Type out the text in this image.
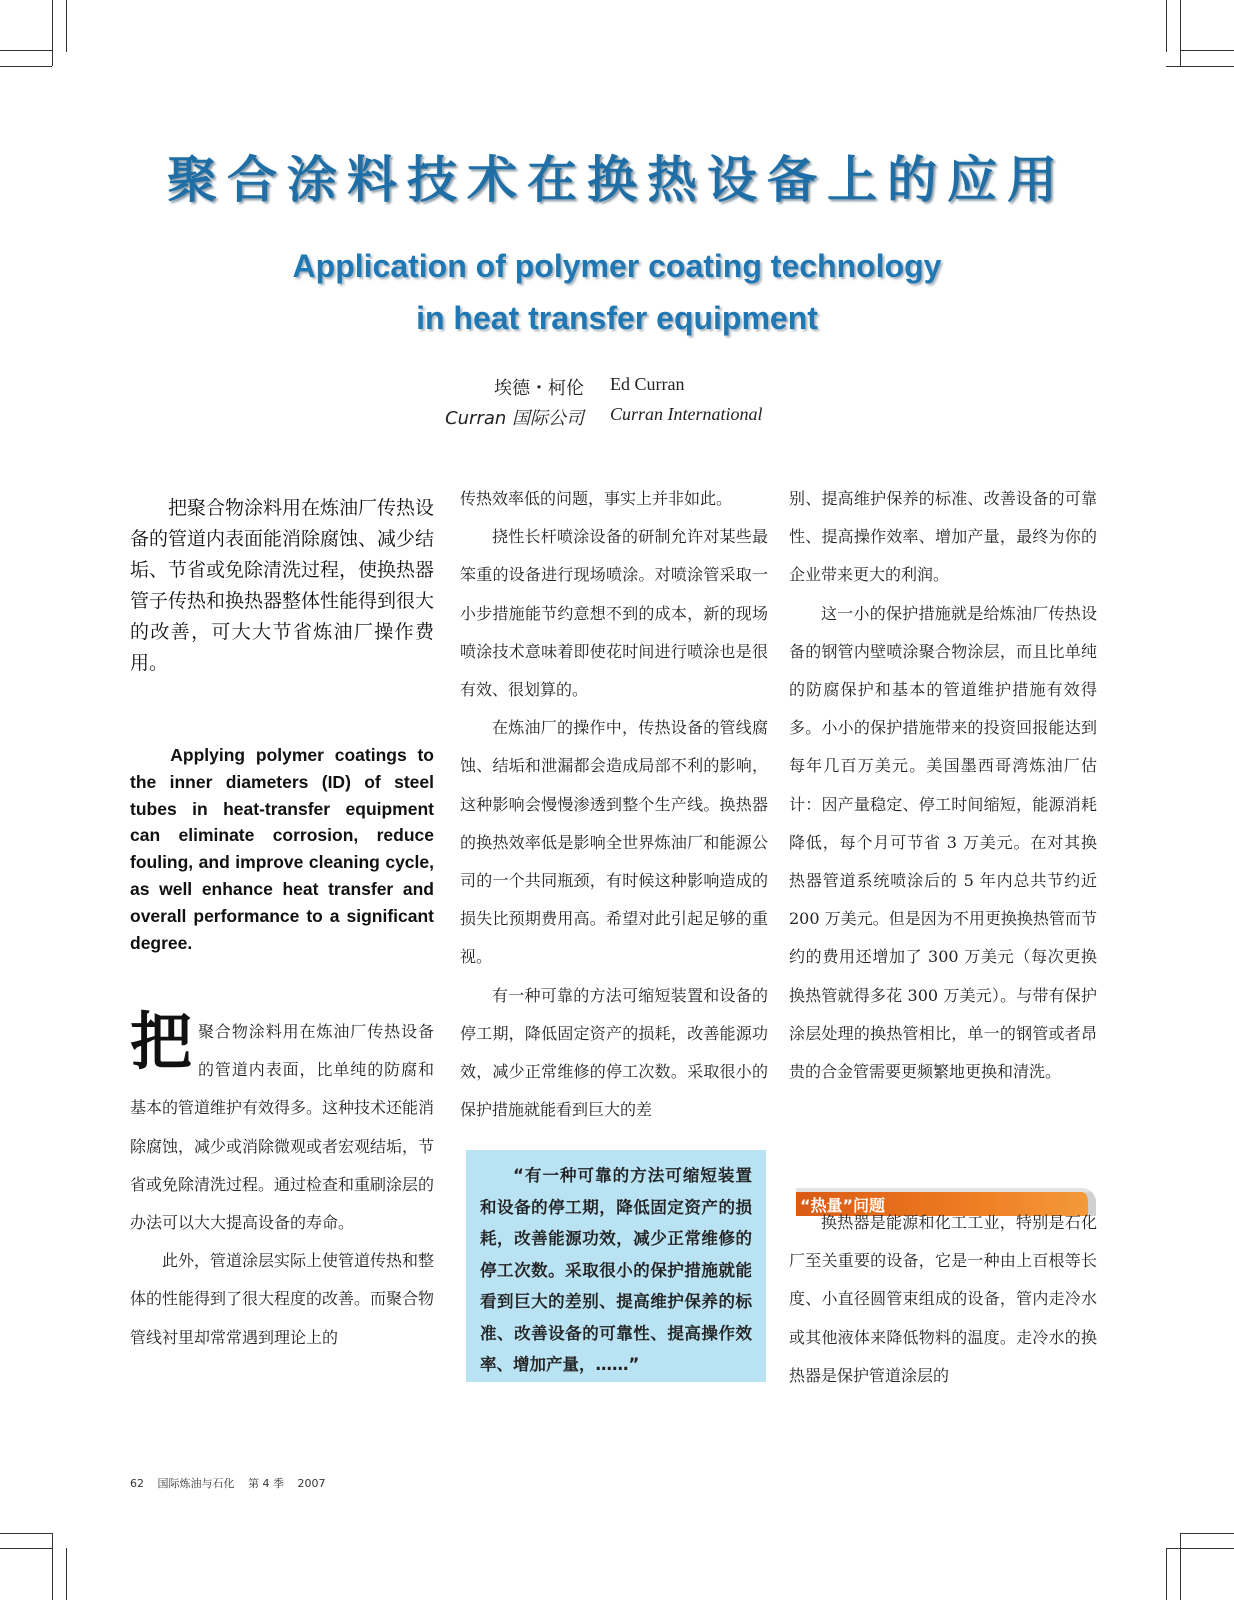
聚合涂料技术在换热设备上的应用
Application of polymer coating technology
in heat transfer equipment
埃德・柯伦 Ed Curran
Curran 国际公司 Curran International

把聚合物涂料用在炼油厂传热设备的管道内表面能消除腐蚀、减少结垢、节省或免除清洗过程，使换热器管子传热和换热器整体性能得到很大的改善，可大大节省炼油厂操作费用。

Applying polymer coatings to the inner diameters (ID) of steel tubes in heat-transfer equipment can eliminate corrosion, reduce fouling, and improve cleaning cycle, as well enhance heat transfer and overall performance to a significant degree.

把聚合物涂料用在炼油厂传热设备的管道内表面，比单纯的防腐和基本的管道维护有效得多。这种技术还能消除腐蚀，减少或消除微观或者宏观结垢，节省或免除清洗过程。通过检查和重刷涂层的办法可以大大提高设备的寿命。

此外，管道涂层实际上使管道传热和整体的性能得到了很大程度的改善。而聚合物管线衬里却常常遇到理论上的

传热效率低的问题，事实上并非如此。

挠性长杆喷涂设备的研制允许对某些最笨重的设备进行现场喷涂。对喷涂管采取一小步措施能节约意想不到的成本，新的现场喷涂技术意味着即使花时间进行喷涂也是很有效、很划算的。

在炼油厂的操作中，传热设备的管线腐蚀、结垢和泄漏都会造成局部不利的影响，这种影响会慢慢渗透到整个生产线。换热器的换热效率低是影响全世界炼油厂和能源公司的一个共同瓶颈，有时候这种影响造成的损失比预期费用高。希望对此引起足够的重视。

有一种可靠的方法可缩短装置和设备的停工期，降低固定资产的损耗，改善能源功效，减少正常维修的停工次数。采取很小的保护措施就能看到巨大的差

“有一种可靠的方法可缩短装置和设备的停工期，降低固定资产的损耗，改善能源功效，减少正常维修的停工次数。采取很小的保护措施就能看到巨大的差别、提高维护保养的标准、改善设备的可靠性、提高操作效率、增加产量，……”

别、提高维护保养的标准、改善设备的可靠性、提高操作效率、增加产量，最终为你的企业带来更大的利润。

这一小的保护措施就是给炼油厂传热设备的钢管内壁喷涂聚合物涂层，而且比单纯的防腐保护和基本的管道维护措施有效得多。小小的保护措施带来的投资回报能达到每年几百万美元。美国墨西哥湾炼油厂估计：因产量稳定、停工时间缩短，能源消耗降低，每个月可节省 3 万美元。在对其换热器管道系统喷涂后的 5 年内总共节约近 200 万美元。但是因为不用更换换热管而节约的费用还增加了 300 万美元（每次更换换热管就得多花 300 万美元）。与带有保护涂层处理的换热管相比，单一的钢管或者昂贵的合金管需要更频繁地更换和清洗。

“热量”问题

换热器是能源和化工工业，特别是石化厂至关重要的设备，它是一种由上百根等长度、小直径圆管束组成的设备，管内走冷水或其他液体来降低物料的温度。走冷水的换热器是保护管道涂层的

62 国际炼油与石化 第 4 季 2007
